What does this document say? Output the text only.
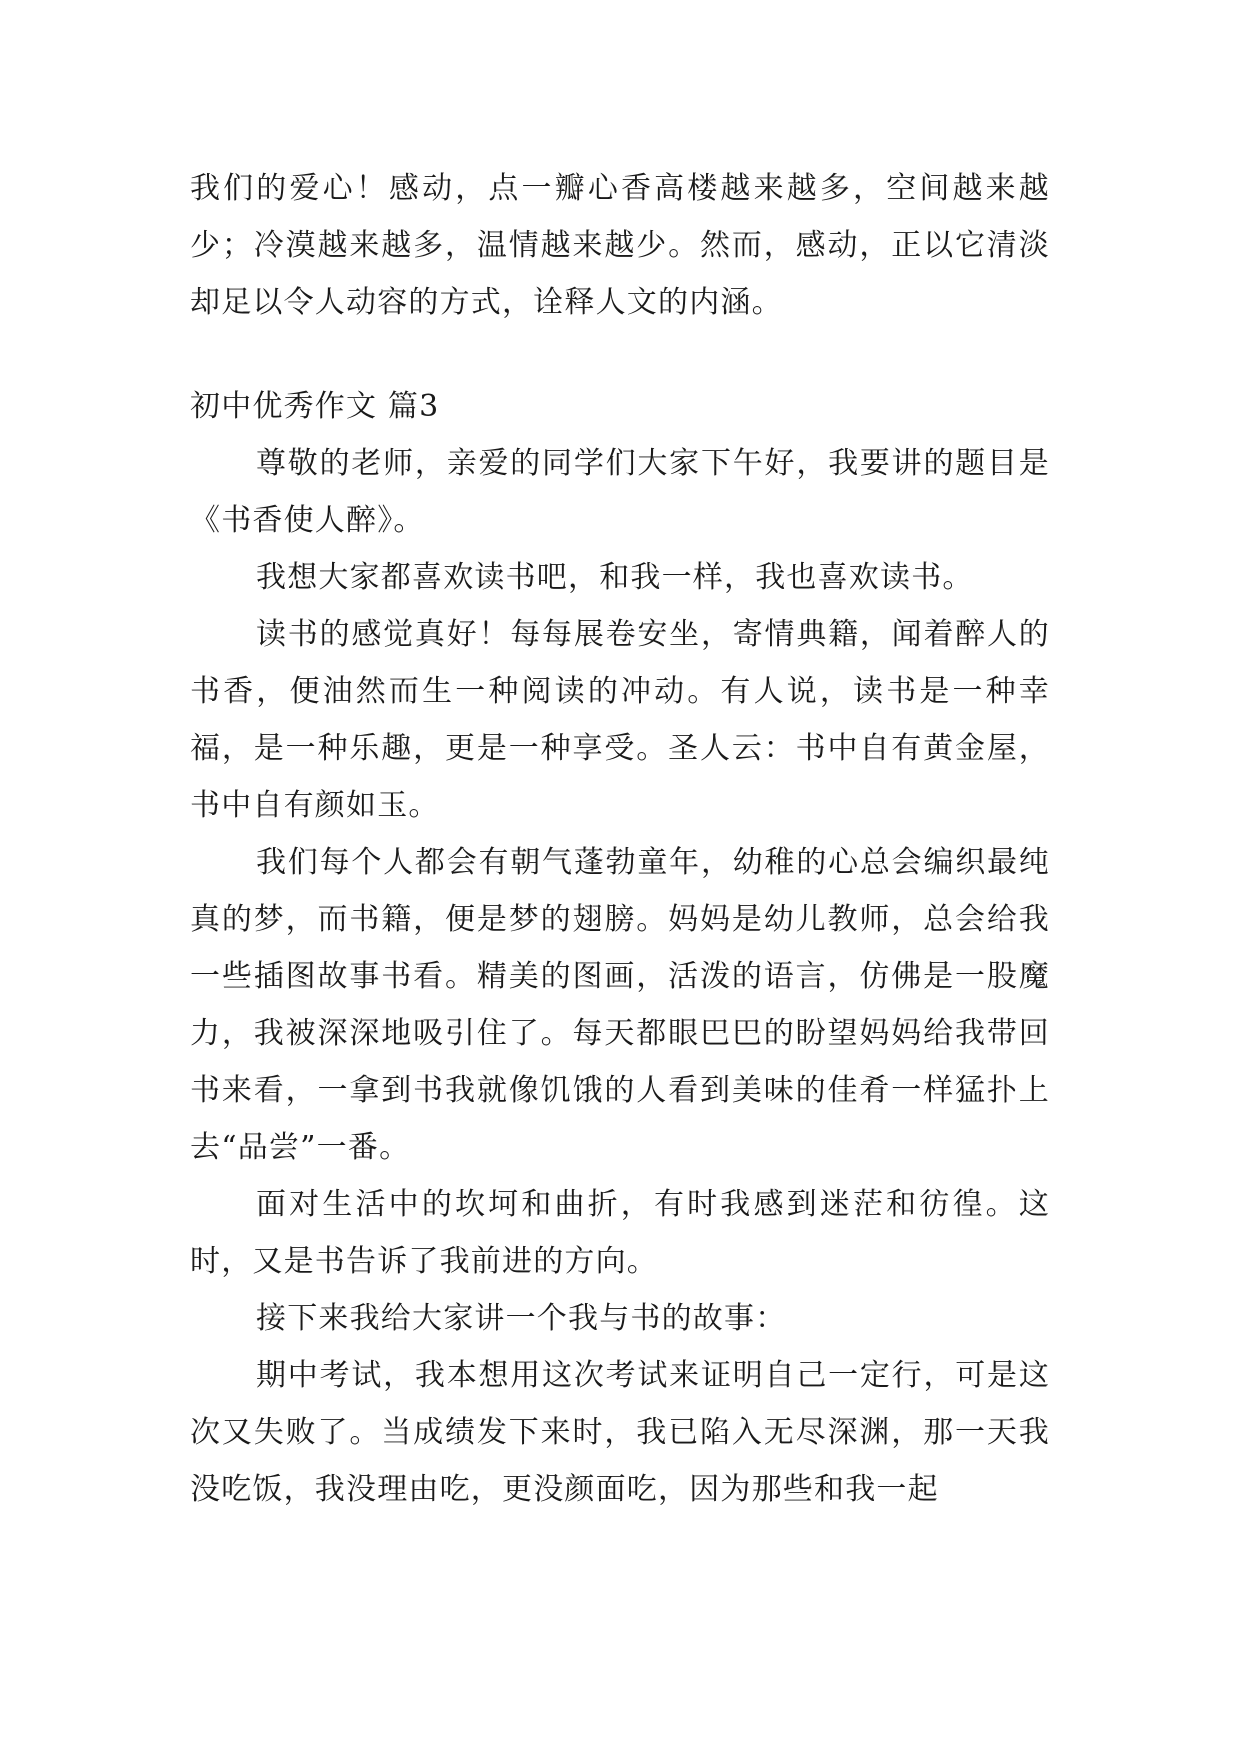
我们的爱心！感动，点一瓣心香高楼越来越多，空间越来越少；冷漠越来越多，温情越来越少。然而，感动，正以它清淡却足以令人动容的方式，诠释人文的内涵。

初中优秀作文 篇3

尊敬的老师，亲爱的同学们大家下午好，我要讲的题目是《书香使人醉》。

我想大家都喜欢读书吧，和我一样，我也喜欢读书。

读书的感觉真好！每每展卷安坐，寄情典籍，闻着醉人的书香，便油然而生一种阅读的冲动。有人说，读书是一种幸福，是一种乐趣，更是一种享受。圣人云：书中自有黄金屋，书中自有颜如玉。

我们每个人都会有朝气蓬勃童年，幼稚的心总会编织最纯真的梦，而书籍，便是梦的翅膀。妈妈是幼儿教师，总会给我一些插图故事书看。精美的图画，活泼的语言，仿佛是一股魔力，我被深深地吸引住了。每天都眼巴巴的盼望妈妈给我带回书来看，一拿到书我就像饥饿的人看到美味的佳肴一样猛扑上去“品尝”一番。

面对生活中的坎坷和曲折，有时我感到迷茫和彷徨。这时，又是书告诉了我前进的方向。

接下来我给大家讲一个我与书的故事：

期中考试，我本想用这次考试来证明自己一定行，可是这次又失败了。当成绩发下来时，我已陷入无尽深渊，那一天我没吃饭，我没理由吃，更没颜面吃，因为那些和我一起
